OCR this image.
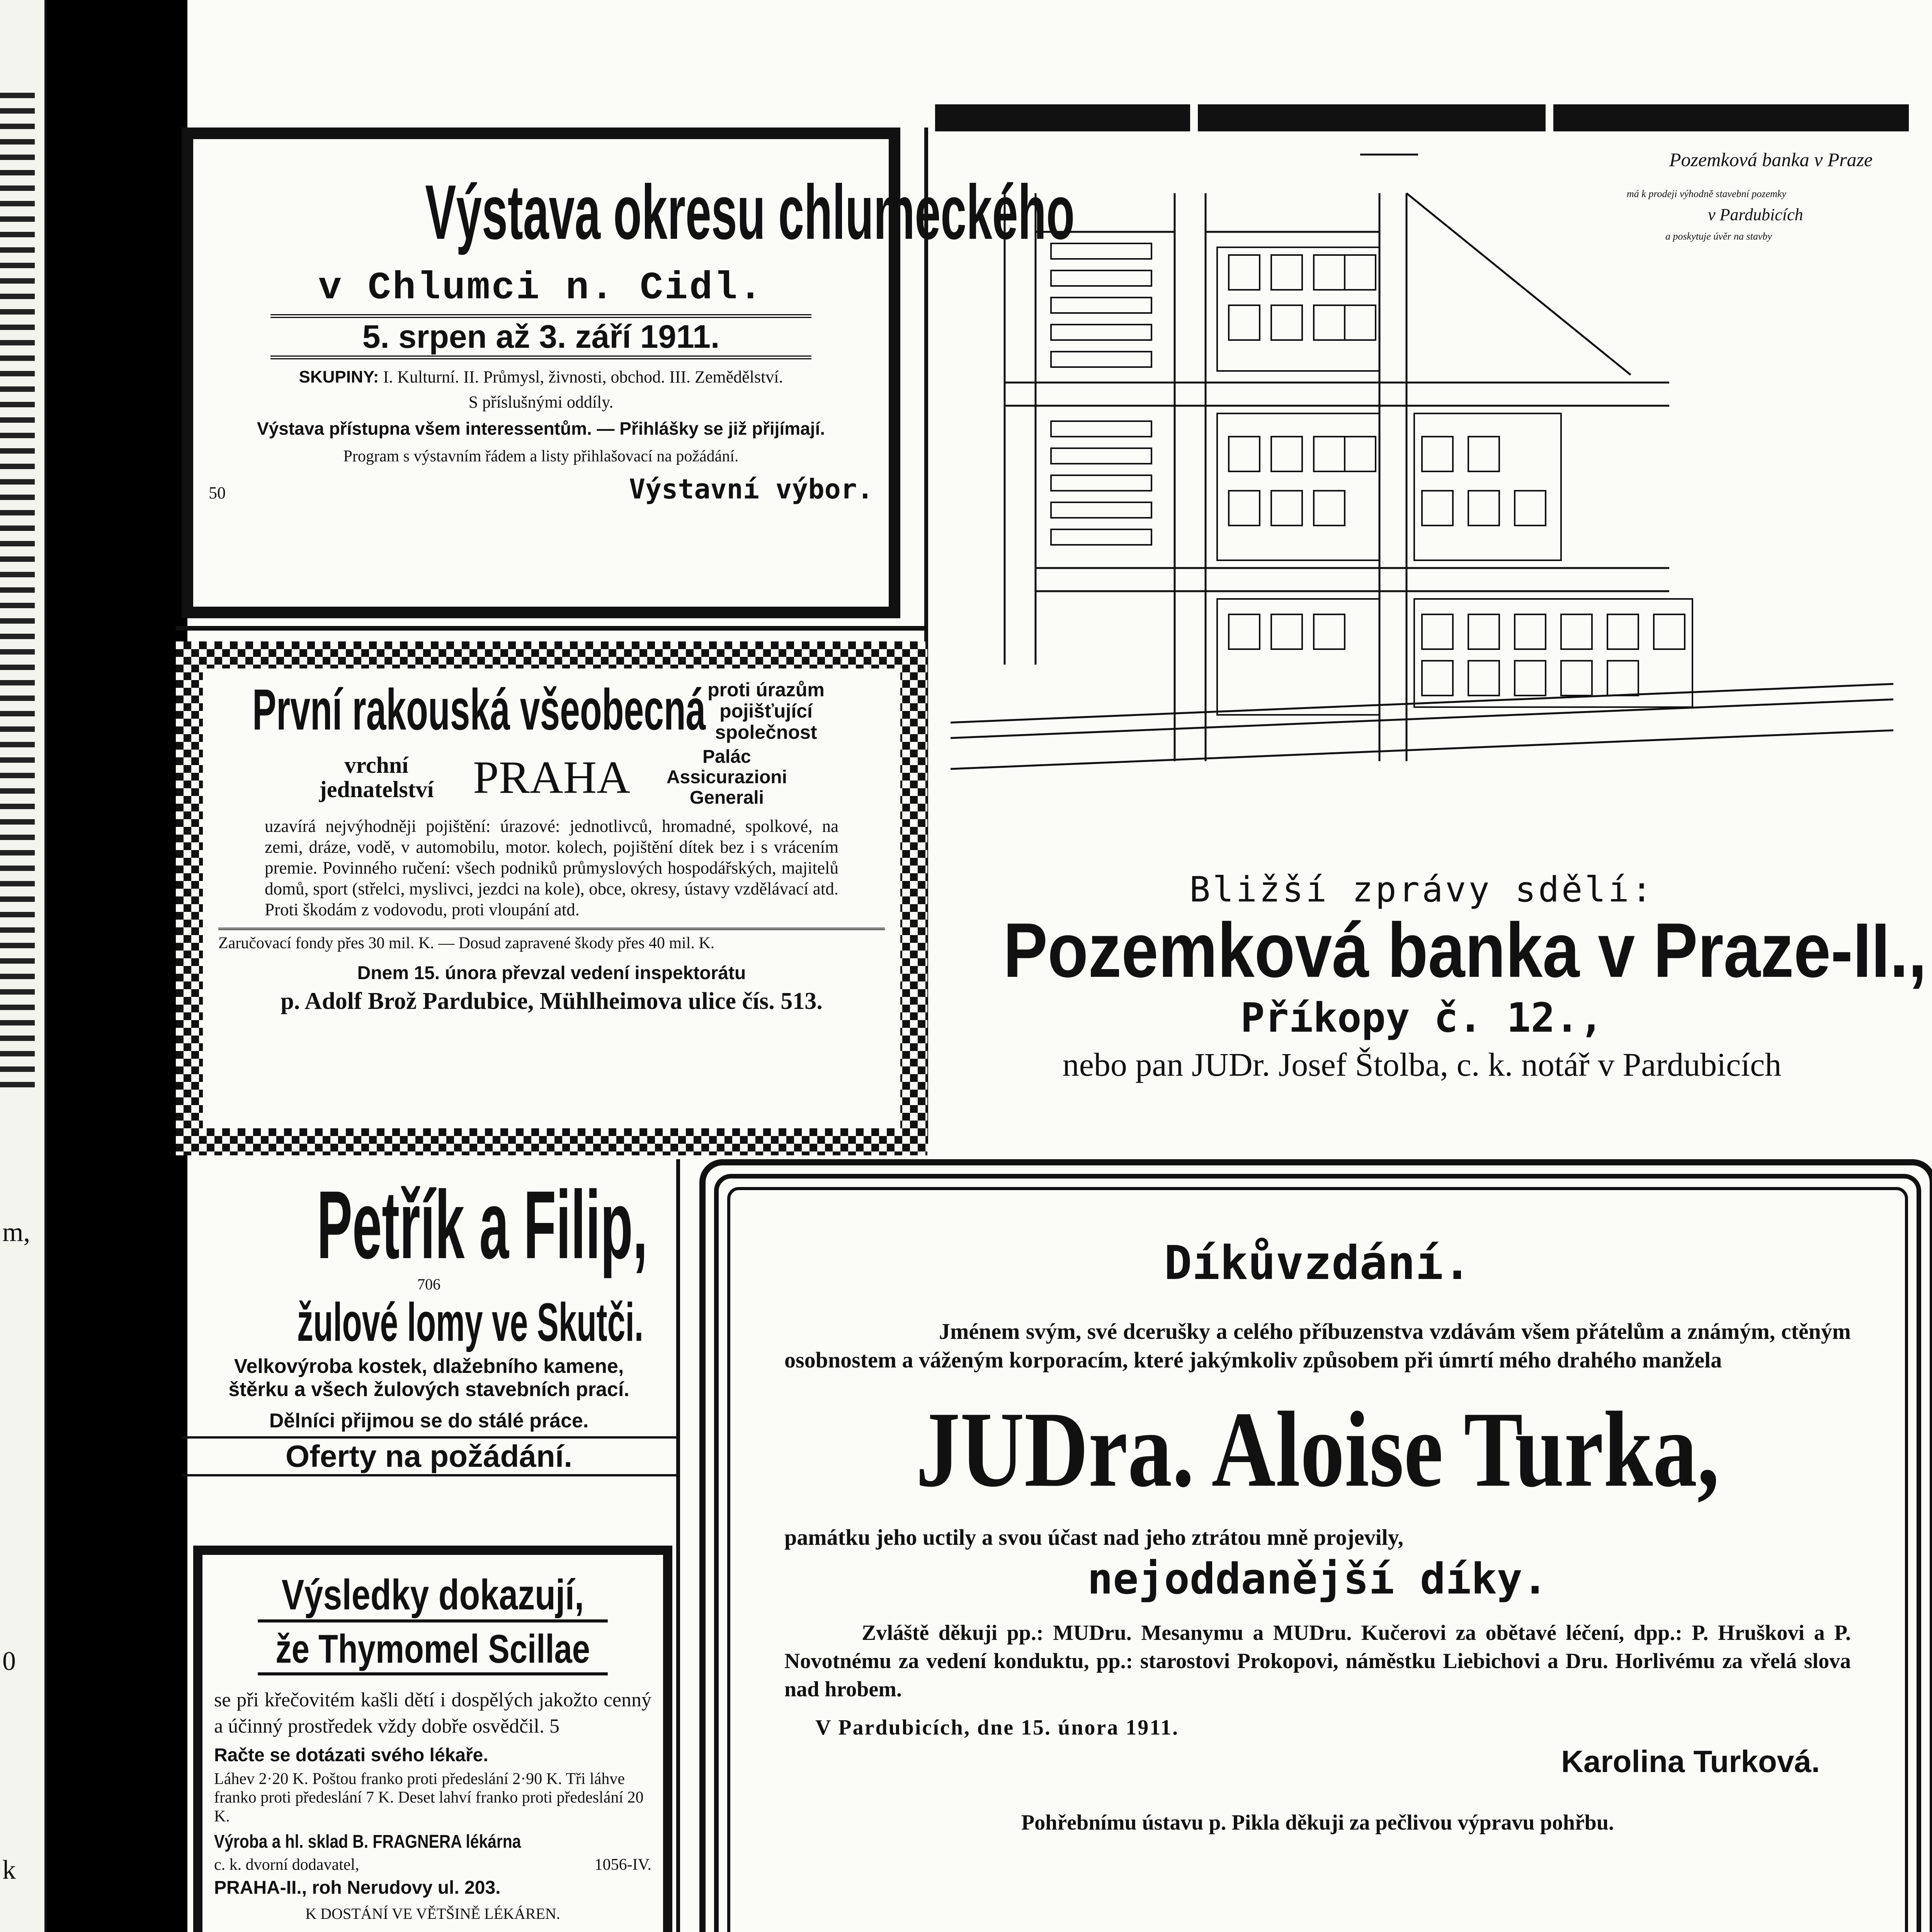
m,
0
k
Výstava okresu chlumeckého
v Chlumci n. Cidl.
5. srpen až 3. září 1911.
SKUPINY: I. Kulturní. II. Průmysl, živnosti, obchod. III. Zemědělství.
S příslušnými oddíly.
Výstava přístupna všem interessentům. — Přihlášky se již přijímají.
Program s výstavním řádem a listy přihlašovací na požádání.
50	Výstavní výbor.
První rakouská všeobecná proti úrazům pojišťující společnost
vrchní jednatelství PRAHA	Palác Assicurazioni Generali
uzavírá nejvýhodněji pojištění: úrazové: jednotlivců, hromadné, spolkové, na zemi, dráze, vodě, v automobilu, motor. kolech, pojištění dítek bez i s vrácením premie. Povinného ručení: všech podniků průmyslových hospodářských, majitelů domů, sport (střelci, myslivci, jezdci na kole), obce, okresy, ústavy vzdělávací atd. Proti škodám z vodovodu, proti vloupání atd.
Zaručovací fondy přes 30 mil. K. — Dosud zapravené škody přes 40 mil. K.
Dnem 15. února převzal vedení inspektorátu
p. Adolf Brož Pardubice, Mühlheimova ulice čís. 513.
Pozemková banka v Praze
má k prodeji výhodně stavební pozemky
v Pardubicích
a poskytuje úvěr na stavby
Bližší zprávy sdělí:
Pozemková banka v Praze-II.,
Příkopy č. 12.,
nebo pan JUDr. Josef Štolba, c. k. notář v Pardubicích
Petřík a Filip,
706
žulové lomy ve Skutči.
Velkovýroba kostek, dlažebního kamene, štěrku a všech žulových stavebních prací.
Dělníci přijmou se do stálé práce.
Oferty na požádání.
Výsledky dokazují,
že Thymomel Scillae
se při křečovitém kašli dětí i dospělých jakožto cenný a účinný prostředek vždy dobře osvědčil. 5
Račte se dotázati svého lékaře.
Láhev 2·20 K. Poštou franko proti předeslání 2·90 K. Tři láhve franko proti předeslání 7 K. Deset lahví franko proti předeslání 20 K.
Výroba a hl. sklad B. FRAGNERA lékárna
c. k. dvorní dodavatel,	1056-IV.
PRAHA-II., roh Nerudovy ul. 203.
K DOSTÁNÍ VE VĚTŠINĚ LÉKÁREN.
Díkůvzdání.
Jménem svým, své dcerušky a celého příbuzenstva vzdávám všem přátelům a známým, ctěným osobnostem a váženým korporacím, které jakýmkoliv způsobem při úmrtí mého drahého manžela
JUDra. Aloise Turka,
památku jeho uctily a svou účast nad jeho ztrátou mně projevily,
nejoddanější díky.
Zvláště děkuji pp.: MUDru. Mesanymu a MUDru. Kučerovi za obětavé léčení, dpp.: P. Hruškovi a P. Novotnému za vedení konduktu, pp.: starostovi Prokopovi, náměstku Liebichovi a Dru. Horlivému za vřelá slova nad hrobem.
V Pardubicích, dne 15. února 1911.
Karolina Turková.
Pohřebnímu ústavu p. Pikla děkuji za pečlivou výpravu pohřbu.
